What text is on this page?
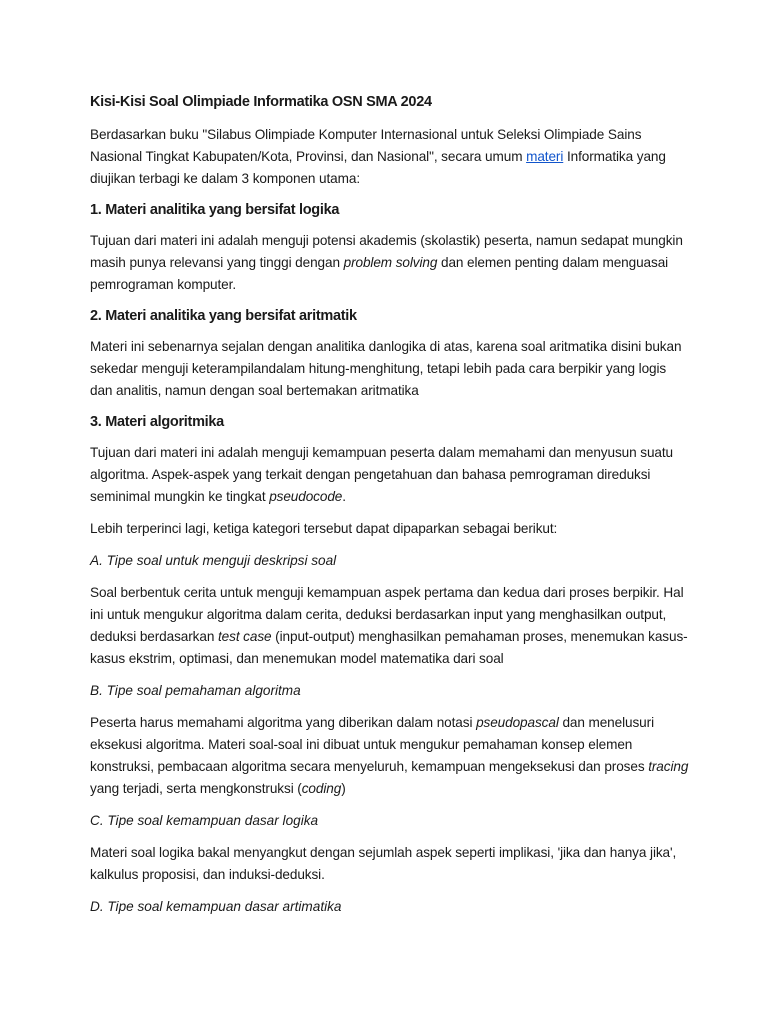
Kisi-Kisi Soal Olimpiade Informatika OSN SMA 2024

Berdasarkan buku "Silabus Olimpiade Komputer Internasional untuk Seleksi Olimpiade Sains Nasional Tingkat Kabupaten/Kota, Provinsi, dan Nasional", secara umum materi Informatika yang diujikan terbagi ke dalam 3 komponen utama:

1. Materi analitika yang bersifat logika

Tujuan dari materi ini adalah menguji potensi akademis (skolastik) peserta, namun sedapat mungkin masih punya relevansi yang tinggi dengan problem solving dan elemen penting dalam menguasai pemrograman komputer.

2. Materi analitika yang bersifat aritmatik

Materi ini sebenarnya sejalan dengan analitika danlogika di atas, karena soal aritmatika disini bukan sekedar menguji keterampilandalam hitung-menghitung, tetapi lebih pada cara berpikir yang logis dan analitis, namun dengan soal bertemakan aritmatika

3. Materi algoritmika

Tujuan dari materi ini adalah menguji kemampuan peserta dalam memahami dan menyusun suatu algoritma. Aspek-aspek yang terkait dengan pengetahuan dan bahasa pemrograman direduksi seminimal mungkin ke tingkat pseudocode.

Lebih terperinci lagi, ketiga kategori tersebut dapat dipaparkan sebagai berikut:

A. Tipe soal untuk menguji deskripsi soal

Soal berbentuk cerita untuk menguji kemampuan aspek pertama dan kedua dari proses berpikir. Hal ini untuk mengukur algoritma dalam cerita, deduksi berdasarkan input yang menghasilkan output, deduksi berdasarkan test case (input-output) menghasilkan pemahaman proses, menemukan kasus-kasus ekstrim, optimasi, dan menemukan model matematika dari soal

B. Tipe soal pemahaman algoritma

Peserta harus memahami algoritma yang diberikan dalam notasi pseudopascal dan menelusuri eksekusi algoritma. Materi soal-soal ini dibuat untuk mengukur pemahaman konsep elemen konstruksi, pembacaan algoritma secara menyeluruh, kemampuan mengeksekusi dan proses tracing yang terjadi, serta mengkonstruksi (coding)

C. Tipe soal kemampuan dasar logika

Materi soal logika bakal menyangkut dengan sejumlah aspek seperti implikasi, 'jika dan hanya jika', kalkulus proposisi, dan induksi-deduksi.

D. Tipe soal kemampuan dasar artimatika
